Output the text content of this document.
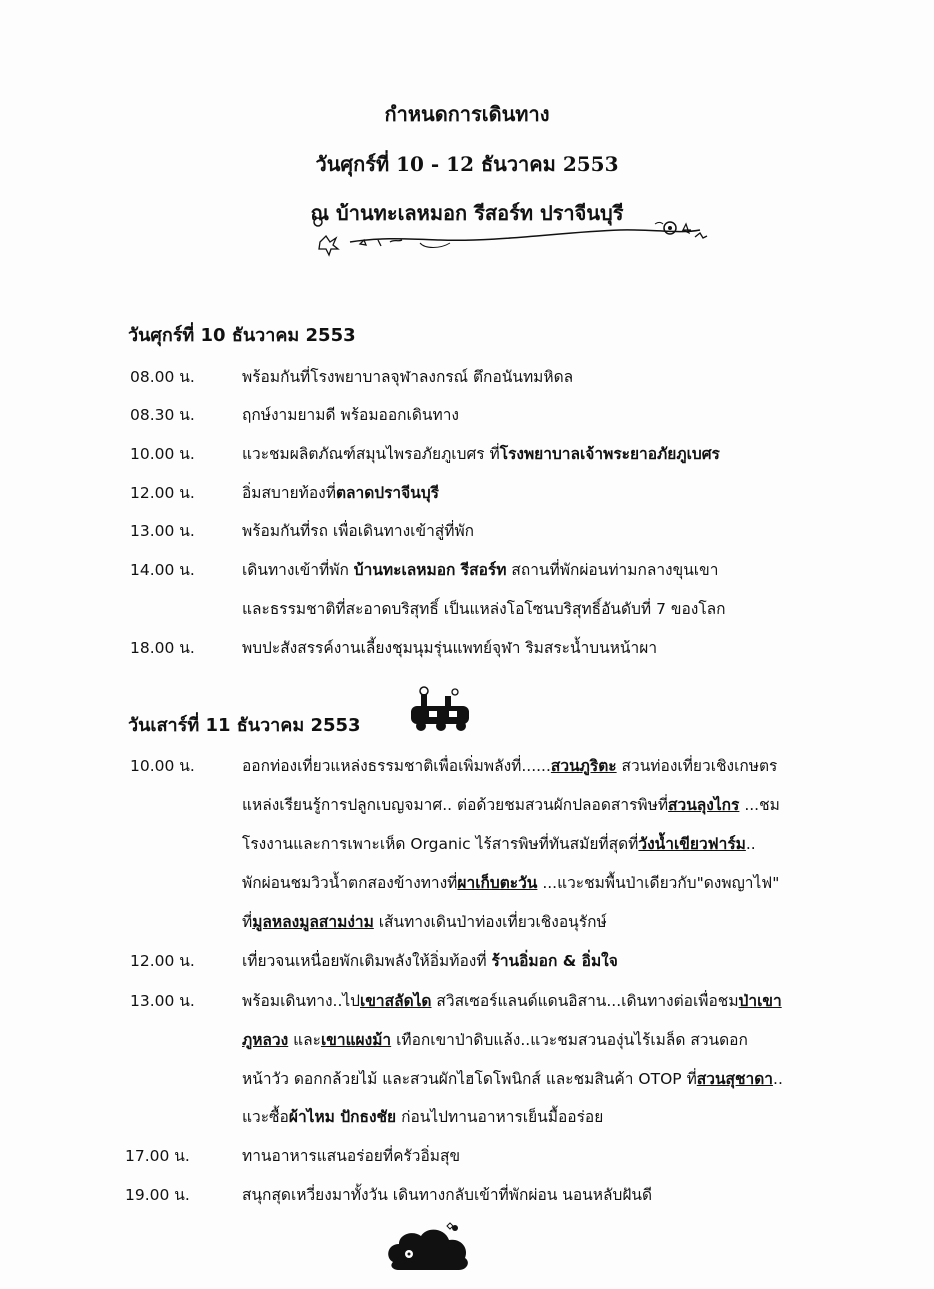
กำหนดการเดินทาง
วันศุกร์ที่ 10 - 12 ธันวาคม 2553
ณ บ้านทะเลหมอก รีสอร์ท ปราจีนบุรี
วันศุกร์ที่ 10 ธันวาคม 2553
08.00 น.	พร้อมกันที่โรงพยาบาลจุฬาลงกรณ์ ตึกอนันทมหิดล
08.30 น.	ฤกษ์งามยามดี พร้อมออกเดินทาง
10.00 น.	แวะชมผลิตภัณฑ์สมุนไพรอภัยภูเบศร ที่โรงพยาบาลเจ้าพระยาอภัยภูเบศร
12.00 น.	อิ่มสบายท้องที่ตลาดปราจีนบุรี
13.00 น.	พร้อมกันที่รถ เพื่อเดินทางเข้าสู่ที่พัก
14.00 น.	เดินทางเข้าที่พัก บ้านทะเลหมอก รีสอร์ท สถานที่พักผ่อนท่ามกลางขุนเขา
และธรรมชาติที่สะอาดบริสุทธิ์ เป็นแหล่งโอโซนบริสุทธิ์อันดับที่ 7 ของโลก
18.00 น.	พบปะสังสรรค์งานเลี้ยงชุมนุมรุ่นแพทย์จุฬา ริมสระน้ำบนหน้าผา
วันเสาร์ที่ 11 ธันวาคม 2553
10.00 น.	ออกท่องเที่ยวแหล่งธรรมชาติเพื่อเพิ่มพลังที่......สวนภูริตะ สวนท่องเที่ยวเชิงเกษตร
แหล่งเรียนรู้การปลูกเบญจมาศ.. ต่อด้วยชมสวนผักปลอดสารพิษที่สวนลุงไกร ...ชม
โรงงานและการเพาะเห็ด Organic ไร้สารพิษที่ทันสมัยที่สุดที่วังน้ำเขียวฟาร์ม..
พักผ่อนชมวิวน้ำตกสองข้างทางที่ผาเก็บตะวัน ...แวะชมพื้นป่าเดียวกับ"ดงพญาไฟ"
ที่มูลหลงมูลสามง่าม เส้นทางเดินป่าท่องเที่ยวเชิงอนุรักษ์
12.00 น.	เที่ยวจนเหนื่อยพักเติมพลังให้อิ่มท้องที่ ร้านอิ่มอก & อิ่มใจ
13.00 น.	พร้อมเดินทาง..ไปเขาสลัดได สวิสเซอร์แลนด์แดนอิสาน...เดินทางต่อเพื่อชมป่าเขา
ภูหลวง และเขาแผงม้า เทือกเขาป่าดิบแล้ง..แวะชมสวนองุ่นไร้เมล็ด สวนดอก
หน้าวัว ดอกกล้วยไม้ และสวนผักไฮโดโพนิกส์ และชมสินค้า OTOP ที่สวนสุชาดา..
แวะซื้อผ้าไหม ปักธงชัย ก่อนไปทานอาหารเย็นมื้ออร่อย
17.00 น.	ทานอาหารแสนอร่อยที่ครัวอิ่มสุข
19.00 น.	สนุกสุดเหวี่ยงมาทั้งวัน เดินทางกลับเข้าที่พักผ่อน นอนหลับฝันดี
